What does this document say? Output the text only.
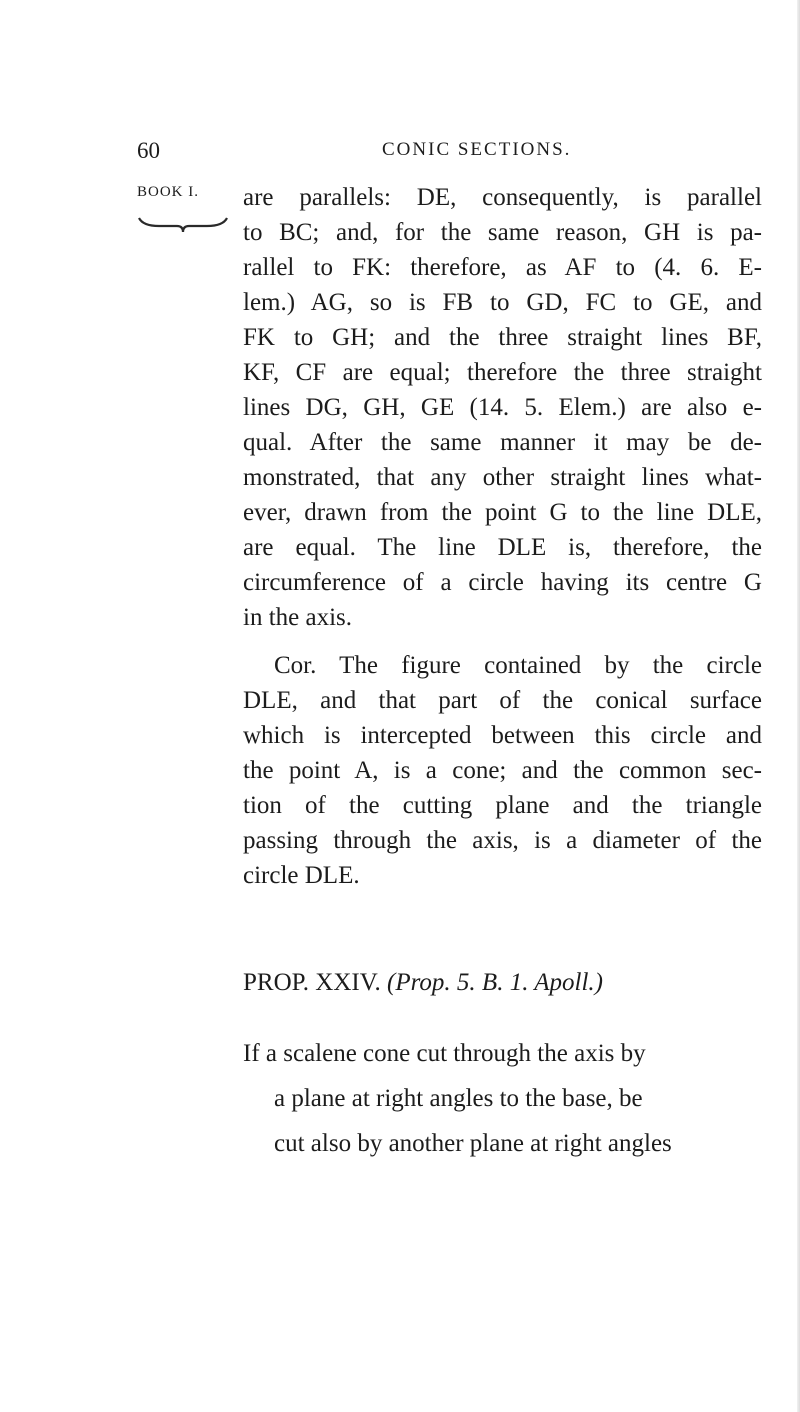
60	CONIC SECTIONS.
BOOK I. are parallels: DE, consequently, is parallel
to BC; and, for the same reason, GH is pa-
rallel to FK: therefore, as AF to (4. 6. E-
lem.) AG, so is FB to GD, FC to GE, and
FK to GH; and the three straight lines BF,
KF, CF are equal; therefore the three straight
lines DG, GH, GE (14. 5. Elem.) are also e-
qual. After the same manner it may be de-
monstrated, that any other straight lines what-
ever, drawn from the point G to the line DLE,
are equal. The line DLE is, therefore, the
circumference of a circle having its centre G
in the axis.
Cor. The figure contained by the circle
DLE, and that part of the conical surface
which is intercepted between this circle and
the point A, is a cone; and the common sec-
tion of the cutting plane and the triangle
passing through the axis, is a diameter of the
circle DLE.
PROP. XXIV. (Prop. 5. B. 1. Apoll.)
If a scalene cone cut through the axis by
a plane at right angles to the base, be
cut also by another plane at right angles
